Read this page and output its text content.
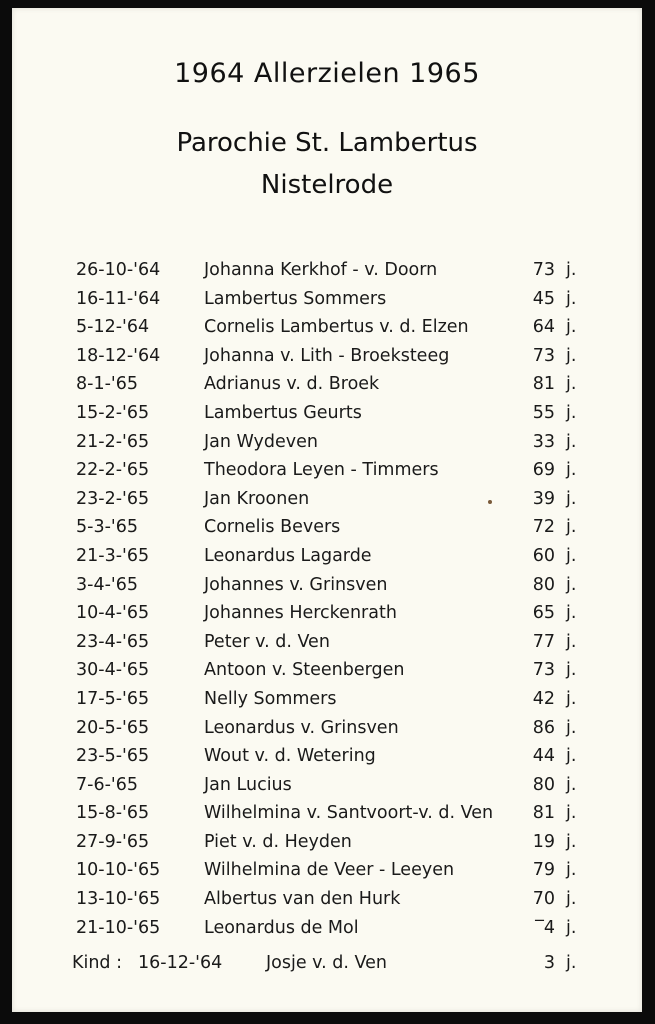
1964 Allerzielen 1965
Parochie St. Lambertus
Nistelrode
26-10-'64	Johanna Kerkhof - v. Doorn	73 j.
16-11-'64	Lambertus Sommers	45 j.
5-12-'64	Cornelis Lambertus v. d. Elzen	64 j.
18-12-'64	Johanna v. Lith - Broeksteeg	73 j.
8-1-'65	Adrianus v. d. Broek	81 j.
15-2-'65	Lambertus Geurts	55 j.
21-2-'65	Jan Wydeven	33 j.
22-2-'65	Theodora Leyen - Timmers	69 j.
23-2-'65	Jan Kroonen	39 j.
5-3-'65	Cornelis Bevers	72 j.
21-3-'65	Leonardus Lagarde	60 j.
3-4-'65	Johannes v. Grinsven	80 j.
10-4-'65	Johannes Herckenrath	65 j.
23-4-'65	Peter v. d. Ven	77 j.
30-4-'65	Antoon v. Steenbergen	73 j.
17-5-'65	Nelly Sommers	42 j.
20-5-'65	Leonardus v. Grinsven	86 j.
23-5-'65	Wout v. d. Wetering	44 j.
7-6-'65	Jan Lucius	80 j.
15-8-'65	Wilhelmina v. Santvoort-v. d. Ven	81 j.
27-9-'65	Piet v. d. Heyden	19 j.
10-10-'65	Wilhelmina de Veer - Leeyen	79 j.
13-10-'65	Albertus van den Hurk	70 j.
21-10-'65	Leonardus de Mol	‾4 j.
Kind : 16-12-'64	Josje v. d. Ven	3 j.
